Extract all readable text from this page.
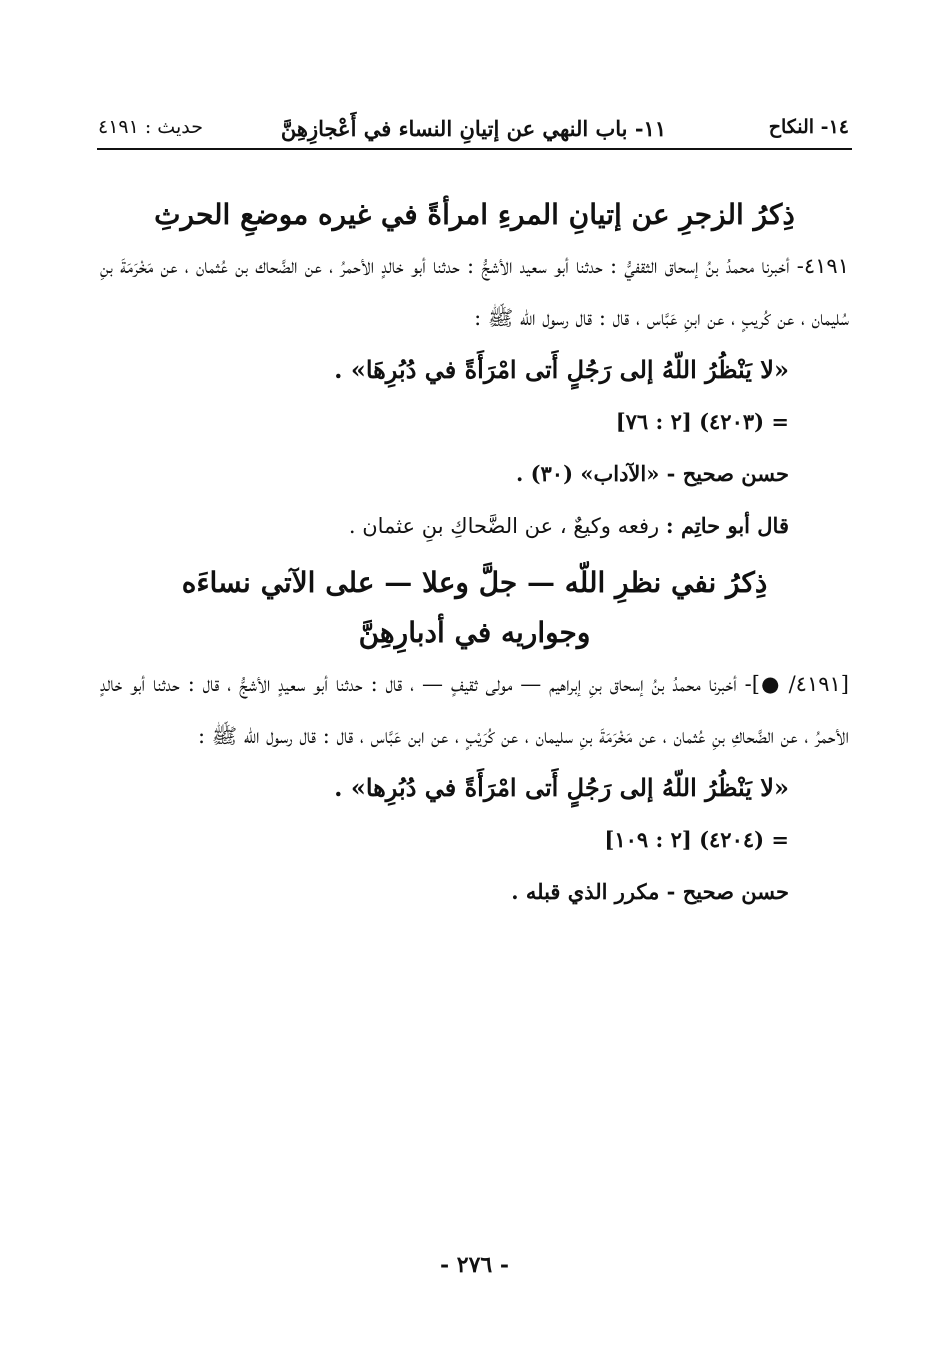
١٤- النكاح
١١- باب النهي عن إتيانِ النساء في أَعْجازِهِنَّ
حديث : ٤١٩١

ذِكرُ الزجرِ عن إتيانِ المرءِ امرأةً في غيره موضعِ الحرثِ

٤١٩١- أخبرنا محمدُ بنُ إسحاق الثقفيُّ : حدثنا أبو سعيد الأشجُّ : حدثنا أبو خالدٍ الأحمرُ ، عن الضَّحاك بن عُثمان ، عن مَخْرَمَةَ بنِ سُليمان ، عن كُريبٍ ، عن ابنِ عَبَّاس ، قال : قال رسول اللّه ﷺ :

«لا يَنْظُرُ اللّهُ إلى رَجُلٍ أَتى امْرَأَةً في دُبُرِهَا» .

= (٤٢٠٣) [٢ : ٧٦]

حسن صحيح - «الآداب» (٣٠) .

قال أبو حاتِم : رفعه وكيعٌ ، عن الضَّحاكِ بنِ عثمان .

ذِكرُ نفي نظرِ اللّه — جلَّ وعلا — على الآتي نساءَه

وجواريه في أدبارِهِنَّ

[٤١٩١/ ●]- أخبرنا محمدُ بنُ إسحاق بنِ إبراهيم — مولى ثقيفٍ — ، قال : حدثنا أبو سعيدٍ الأشجُّ ، قال : حدثنا أبو خالدٍ الأحمرُ ، عن الضَّحاكِ بنِ عُثمان ، عن مَخْرَمَةَ بنِ سليمان ، عن كُرَيْبٍ ، عن ابن عَبَّاس ، قال : قال رسول اللّه ﷺ :

«لا يَنْظُرُ اللّهُ إلى رَجُلٍ أَتى امْرَأَةً في دُبُرِها» .

= (٤٢٠٤) [٢ : ١٠٩]

حسن صحيح - مكرر الذي قبله .

- ٢٧٦ -
